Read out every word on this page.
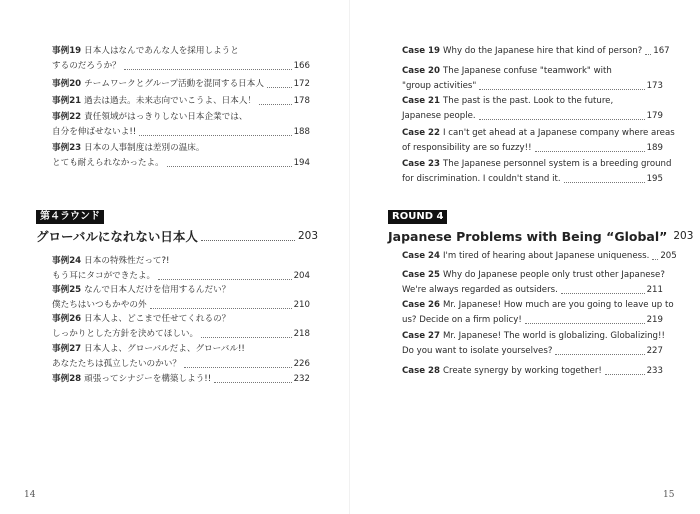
事例19 日本人はなんであんな人を採用しようと
するのだろうか？	166
事例20 チームワークとグループ活動を混同する日本人	172
事例21 過去は過去。未来志向でいこうよ、日本人！	178
事例22 責任領域がはっきりしない日本企業では、
自分を伸ばせないよ!!	188
事例23 日本の人事制度は差別の温床。
とても耐えられなかったよ。	194
第４ラウンド
グローバルになれない日本人	203
事例24 日本の特殊性だって?!
もう耳にタコができたよ。	204
事例25 なんで日本人だけを信用するんだい？
僕たちはいつもかやの外	210
事例26 日本人よ、どこまで任せてくれるの？
しっかりとした方針を決めてほしい。	218
事例27 日本人よ、グローバルだよ、グローバル!!
あなたたちは孤立したいのかい？	226
事例28 頑張ってシナジーを構築しよう!!	232
14
Case 19 Why do the Japanese hire that kind of person? 167
Case 20 The Japanese confuse "teamwork" with
"group activities"	173
Case 21 The past is the past. Look to the future,
Japanese people.	179
Case 22 I can't get ahead at a Japanese company where areas
of responsibility are so fuzzy!!	189
Case 23 The Japanese personnel system is a breeding ground
for discrimination. I couldn't stand it.	195
ROUND 4
Japanese Problems with Being “Global” 203
Case 24 I'm tired of hearing about Japanese uniqueness. 205
Case 25 Why do Japanese people only trust other Japanese?
We're always regarded as outsiders.	211
Case 26 Mr. Japanese! How much are you going to leave up to
us? Decide on a firm policy!	219
Case 27 Mr. Japanese! The world is globalizing. Globalizing!!
Do you want to isolate yourselves?	227
Case 28 Create synergy by working together!	233
15
